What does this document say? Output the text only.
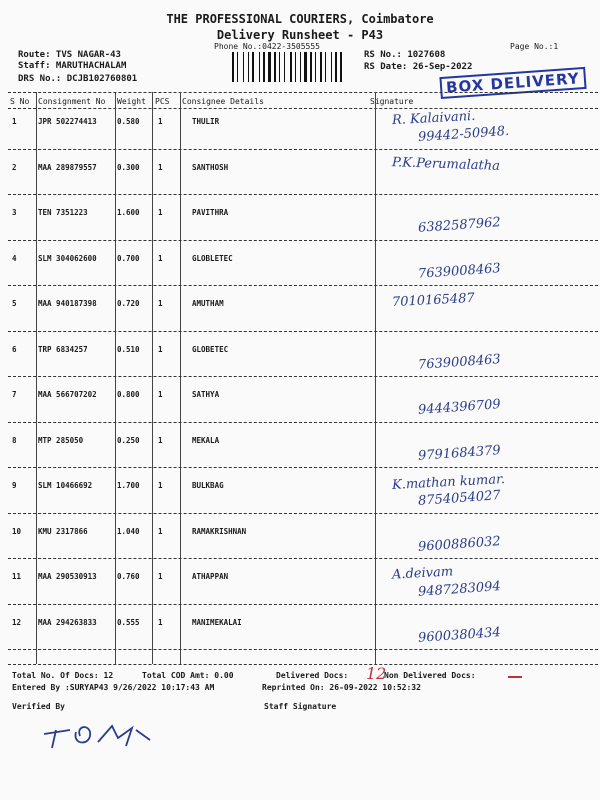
THE PROFESSIONAL COURIERS, Coimbatore
Delivery Runsheet - P43
Phone No.:0422-3505555	Page No.:1
Route: TVS NAGAR-43
Staff: MARUTHACHALAM
DRS No.: DCJB102760801
RS No.: 1027608
RS Date: 26-Sep-2022
BOX DELIVERY
S No Consignment No Weight PCS Consignee Details	Signature
1	JPR 502274413	0.580 1	THULIR	R. Kalaivani.
99442-50948.
2	MAA 289879557	0.300 1	SANTHOSH	P.K.Perumalatha
3	TEN 7351223	1.600 1	PAVITHRA
6382587962
4	SLM 304062600	0.700 1	GLOBLETEC
7639008463
5	MAA 940187398	0.720 1	AMUTHAM	7010165487
6	TRP 6834257	0.510 1	GLOBETEC
7639008463
7	MAA 566707202	0.800 1	SATHYA
9444396709
8	MTP 285050	0.250 1	MEKALA
9791684379
9	SLM 10466692	1.700 1	BULKBAG	K.mathan kumar.
8754054027
10 KMU 2317866	1.040 1	RAMAKRISHNAN
9600886032
11 MAA 290530913	0.760 1	ATHAPPAN	A.deivam
9487283094
12 MAA 294263833	0.555 1	MANIMEKALAI
9600380434
Total No. Of Docs: 12	Total COD Amt: 0.00	Delivered Docs: 12
Non Delivered Docs:
Entered By :SURYAP43 9/26/2022 10:17:43 AM	Reprinted On: 26-09-2022 10:52:32
Verified By	Staff Signature
